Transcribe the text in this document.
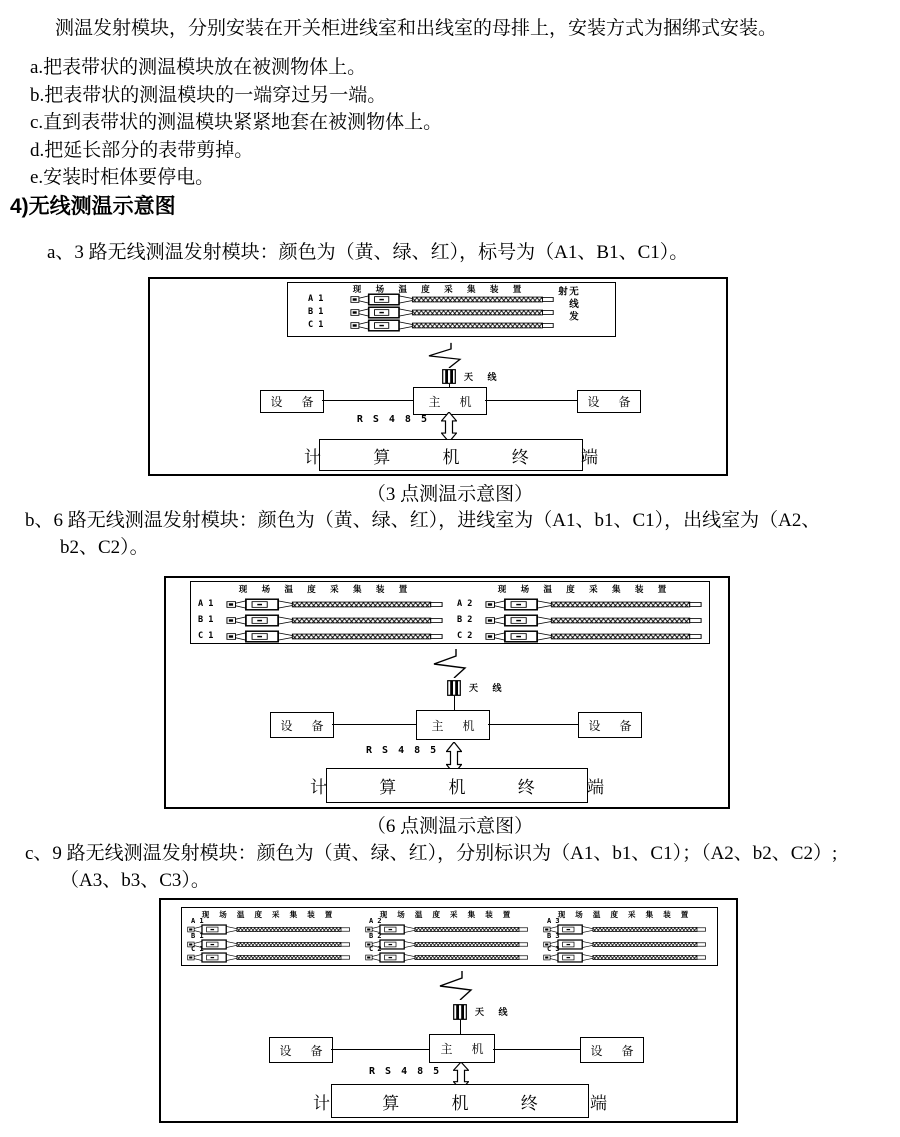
测温发射模块，分别安装在开关柜进线室和出线室的母排上，安装方式为捆绑式安装。
a.把表带状的测温模块放在被测物体上。
b.把表带状的测温模块的一端穿过另一端。
c.直到表带状的测温模块紧紧地套在被测物体上。
d.把延长部分的表带剪掉。
e.安装时柜体要停电。
4)无线测温示意图
a、3 路无线测温发射模块：颜色为（黄、绿、红），标号为（A1、B1、C1）。
现 场 温 度 采 集 装 置
A 1
B 1
C 1
无线发射
天 线
设 备	主 机	设 备
R S 4 8 5
计 算 机 终 端
（3 点测温示意图）
b、6 路无线测温发射模块：颜色为（黄、绿、红），进线室为（A1、b1、C1），出线室为（A2、
b2、C2）。
现 场 温 度 采 集 装 置
A 1
B 1
C 1
现 场 温 度 采 集 装 置
A 2
B 2
C 2
天 线
设 备	主 机	设 备
R S 4 8 5
计 算 机 终 端
（6 点测温示意图）
c、9 路无线测温发射模块：颜色为（黄、绿、红），分别标识为（A1、b1、C1）；（A2、b2、C2）;
（A3、b3、C3）。
现 场 温 度 采 集 装 置
A 1
B 1
C 1
现 场 温 度 采 集 装 置
A 2
B 2
C 2
现 场 温 度 采 集 装 置
A 3
B 3
C 3
天 线
设 备	主 机	设 备
R S 4 8 5
计 算 机 终 端
